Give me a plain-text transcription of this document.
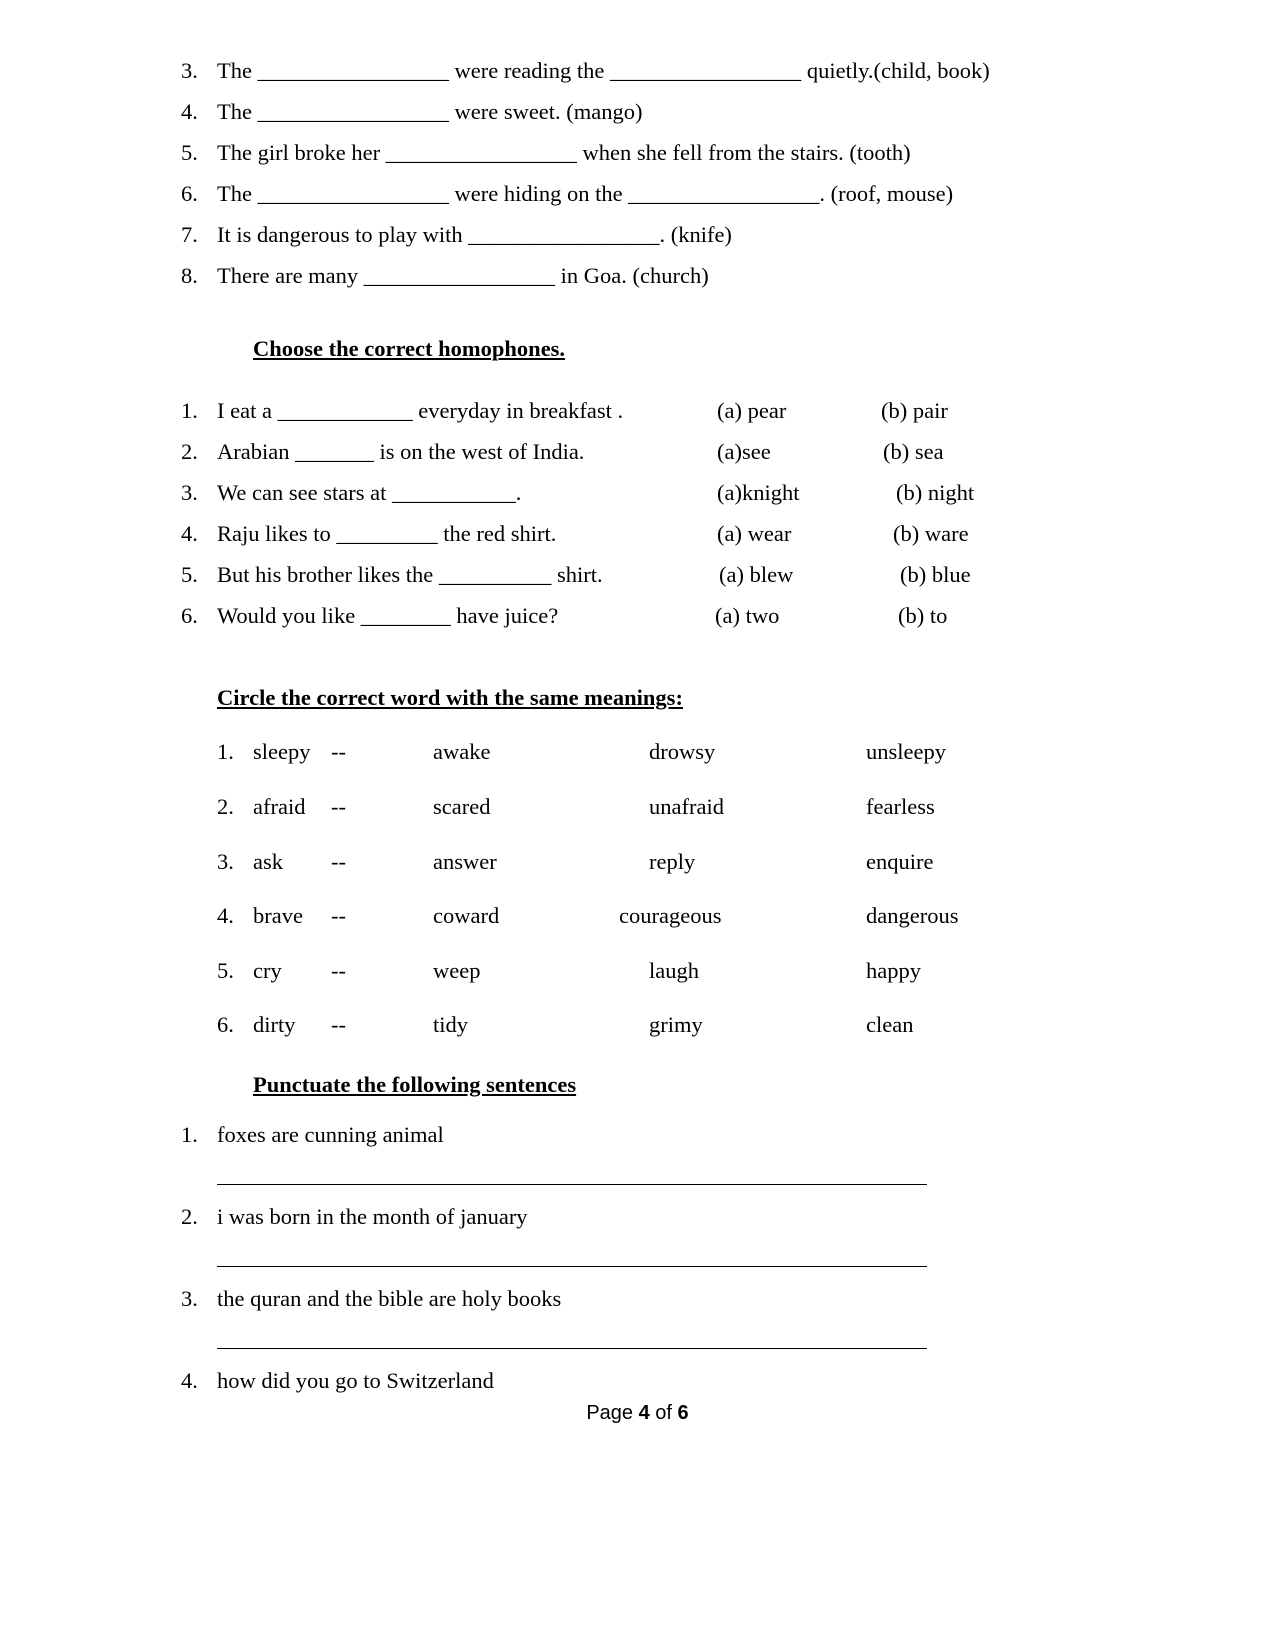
3. The _________________ were reading the _________________ quietly.(child, book)
4. The _________________ were sweet. (mango)
5. The girl broke her _________________ when she fell from the stairs. (tooth)
6. The _________________ were hiding on the _________________. (roof, mouse)
7. It is dangerous to play with _________________. (knife)
8. There are many _________________ in Goa. (church)
Choose the correct homophones.
1. I eat a ____________ everyday in breakfast .	(a) pear	(b) pair
2. Arabian _______ is on the west of India.	(a)see	(b) sea
3. We can see stars at ___________.	(a)knight	(b) night
4. Raju likes to _________ the red shirt.	(a) wear	(b) ware
5. But his brother likes the __________ shirt.	(a) blew	(b) blue
6. Would you like ________ have juice?	(a) two	(b) to
Circle the correct word with the same meanings:
1. sleepy --	awake	drowsy	unsleepy
2. afraid --	scared	unafraid	fearless
3. ask --	answer	reply	enquire
4. brave --	coward	courageous	dangerous
5. cry --	weep	laugh	happy
6. dirty --	tidy	grimy	clean
Punctuate the following sentences
1. foxes are cunning animal
2. i was born in the month of january
3. the quran and the bible are holy books
4. how did you go to Switzerland
Page 4 of 6
